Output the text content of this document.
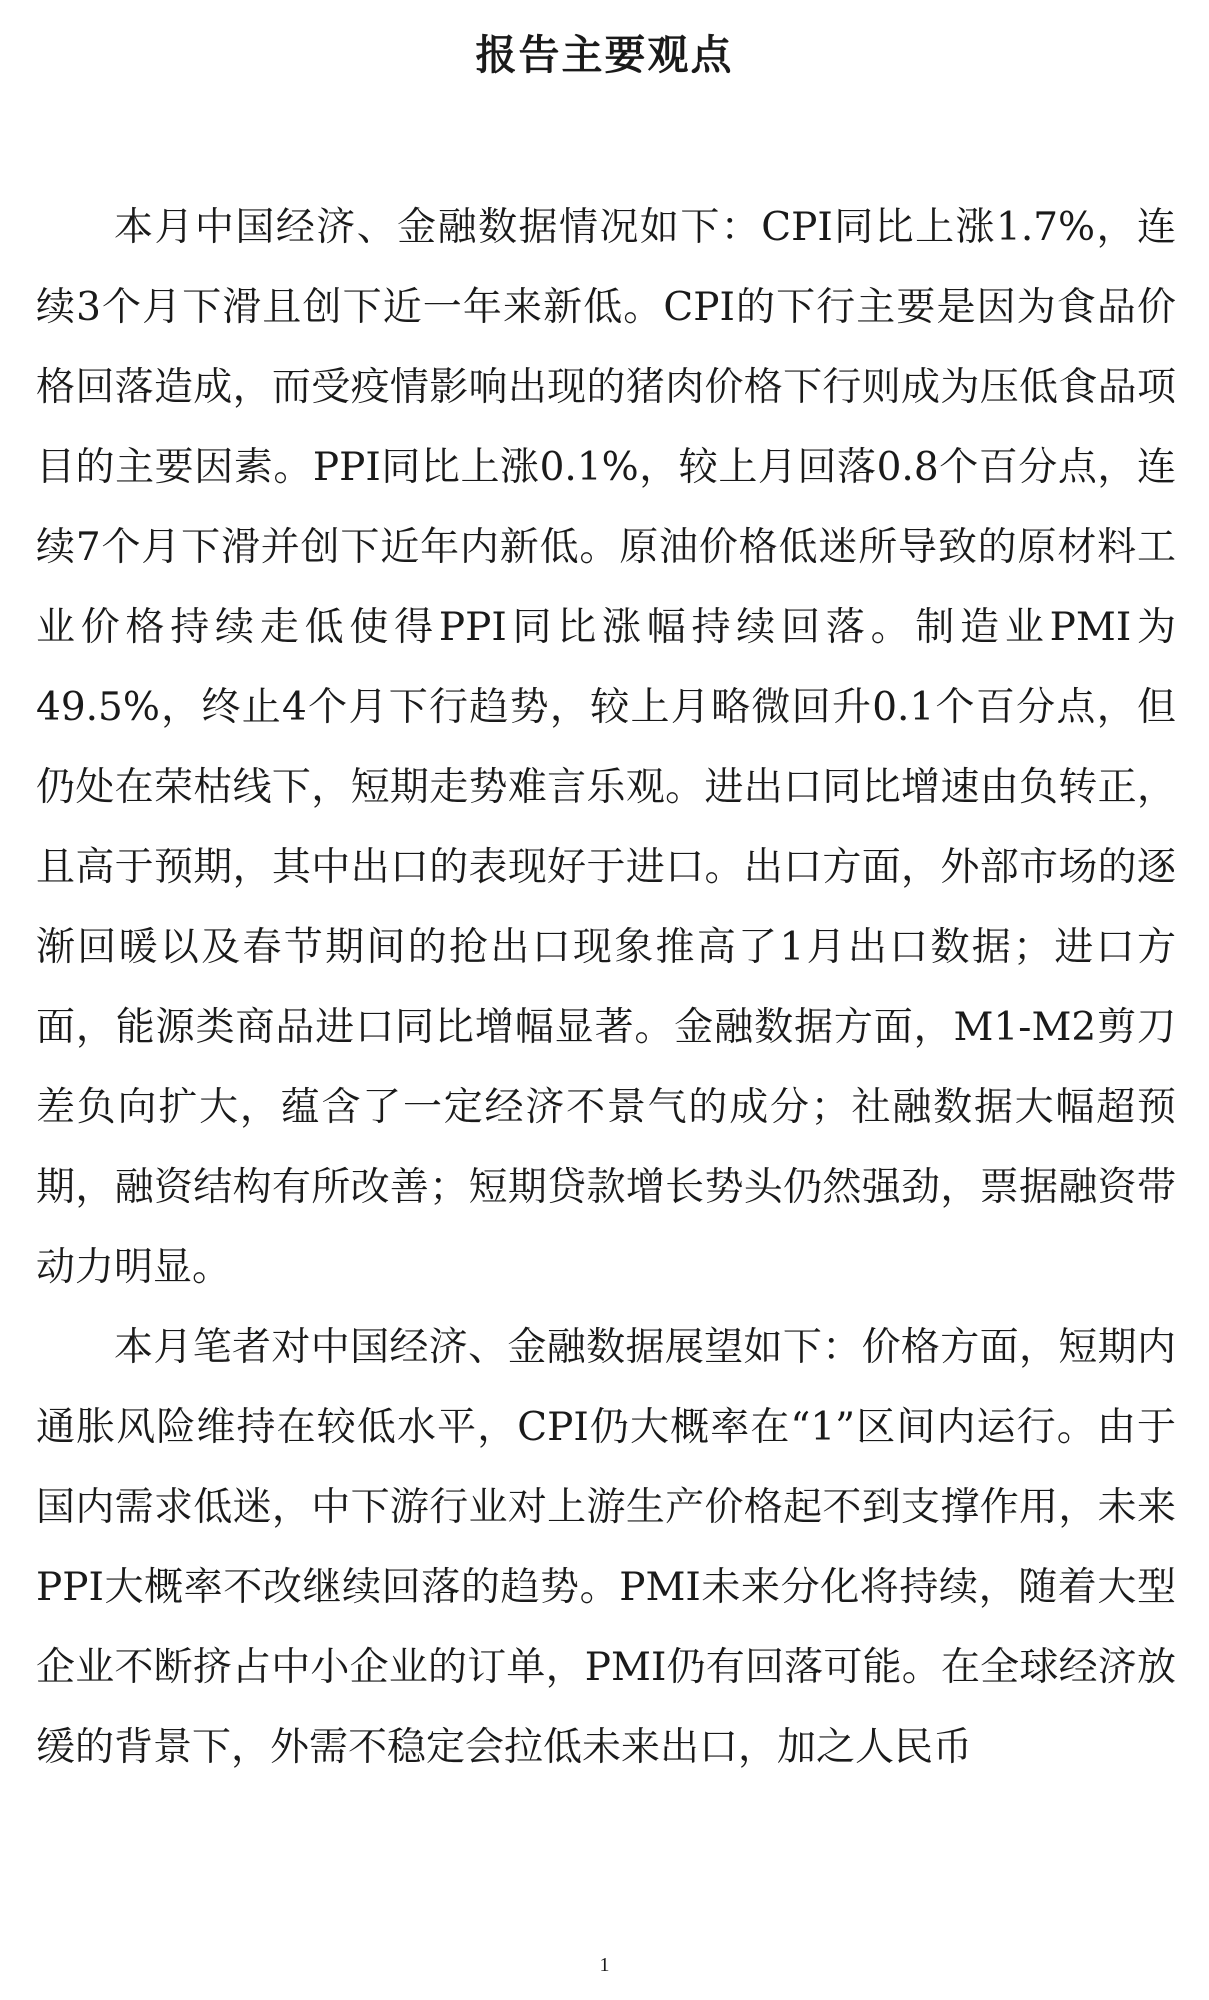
报告主要观点

本月中国经济、金融数据情况如下：CPI同比上涨1.7%，连续3个月下滑且创下近一年来新低。CPI的下行主要是因为食品价格回落造成，而受疫情影响出现的猪肉价格下行则成为压低食品项目的主要因素。PPI同比上涨0.1%，较上月回落0.8个百分点，连续7个月下滑并创下近年内新低。原油价格低迷所导致的原材料工业价格持续走低使得PPI同比涨幅持续回落。制造业PMI为49.5%，终止4个月下行趋势，较上月略微回升0.1个百分点，但仍处在荣枯线下，短期走势难言乐观。进出口同比增速由负转正，且高于预期，其中出口的表现好于进口。出口方面，外部市场的逐渐回暖以及春节期间的抢出口现象推高了1月出口数据；进口方面，能源类商品进口同比增幅显著。金融数据方面，M1-M2剪刀差负向扩大，蕴含了一定经济不景气的成分；社融数据大幅超预期，融资结构有所改善；短期贷款增长势头仍然强劲，票据融资带动力明显。

本月笔者对中国经济、金融数据展望如下：价格方面，短期内通胀风险维持在较低水平，CPI仍大概率在“1”区间内运行。由于国内需求低迷，中下游行业对上游生产价格起不到支撑作用，未来PPI大概率不改继续回落的趋势。PMI未来分化将持续，随着大型企业不断挤占中小企业的订单，PMI仍有回落可能。在全球经济放缓的背景下，外需不稳定会拉低未来出口，加之人民币

1
